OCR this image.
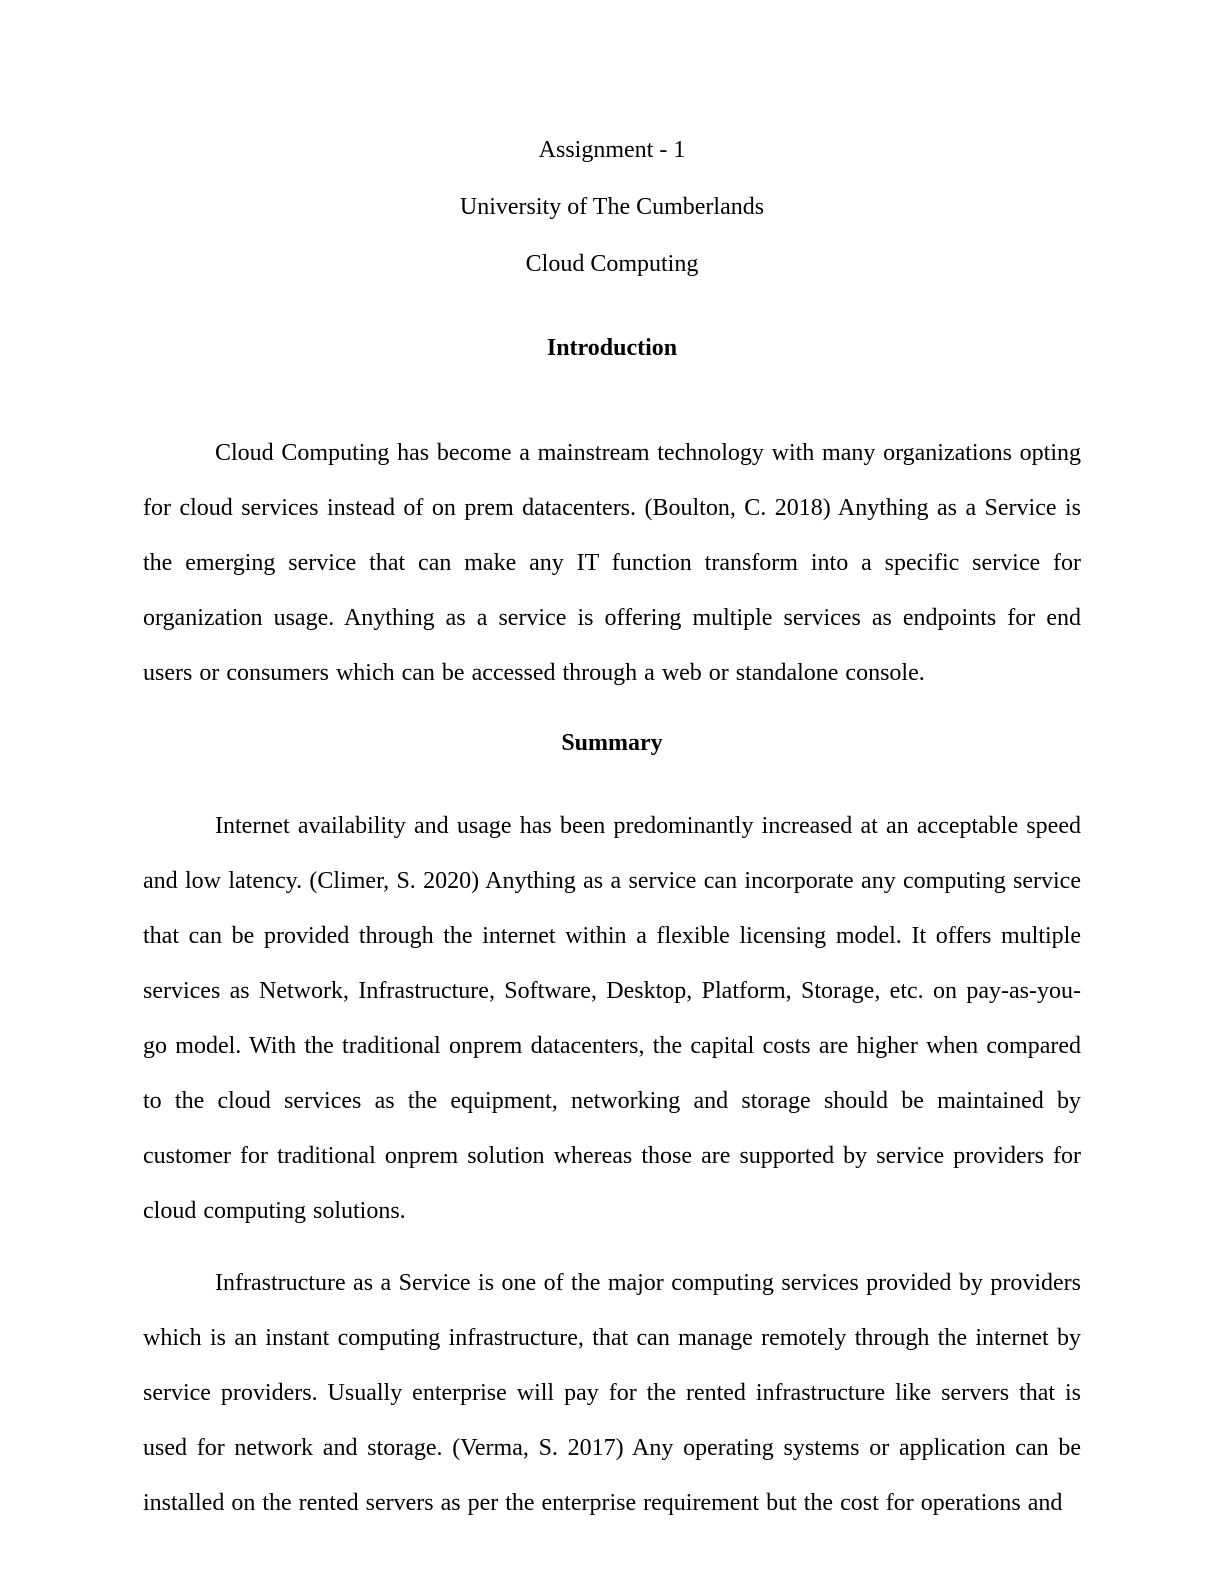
Assignment - 1
University of The Cumberlands
Cloud Computing
Introduction

Cloud Computing has become a mainstream technology with many organizations opting for cloud services instead of on prem datacenters. (Boulton, C. 2018) Anything as a Service is the emerging service that can make any IT function transform into a specific service for organization usage. Anything as a service is offering multiple services as endpoints for end users or consumers which can be accessed through a web or standalone console.

Summary

Internet availability and usage has been predominantly increased at an acceptable speed and low latency. (Climer, S. 2020) Anything as a service can incorporate any computing service that can be provided through the internet within a flexible licensing model. It offers multiple services as Network, Infrastructure, Software, Desktop, Platform, Storage, etc. on pay-as-you-go model. With the traditional onprem datacenters, the capital costs are higher when compared to the cloud services as the equipment, networking and storage should be maintained by customer for traditional onprem solution whereas those are supported by service providers for cloud computing solutions.

Infrastructure as a Service is one of the major computing services provided by providers which is an instant computing infrastructure, that can manage remotely through the internet by service providers. Usually enterprise will pay for the rented infrastructure like servers that is used for network and storage. (Verma, S. 2017) Any operating systems or application can be installed on the rented servers as per the enterprise requirement but the cost for operations and
